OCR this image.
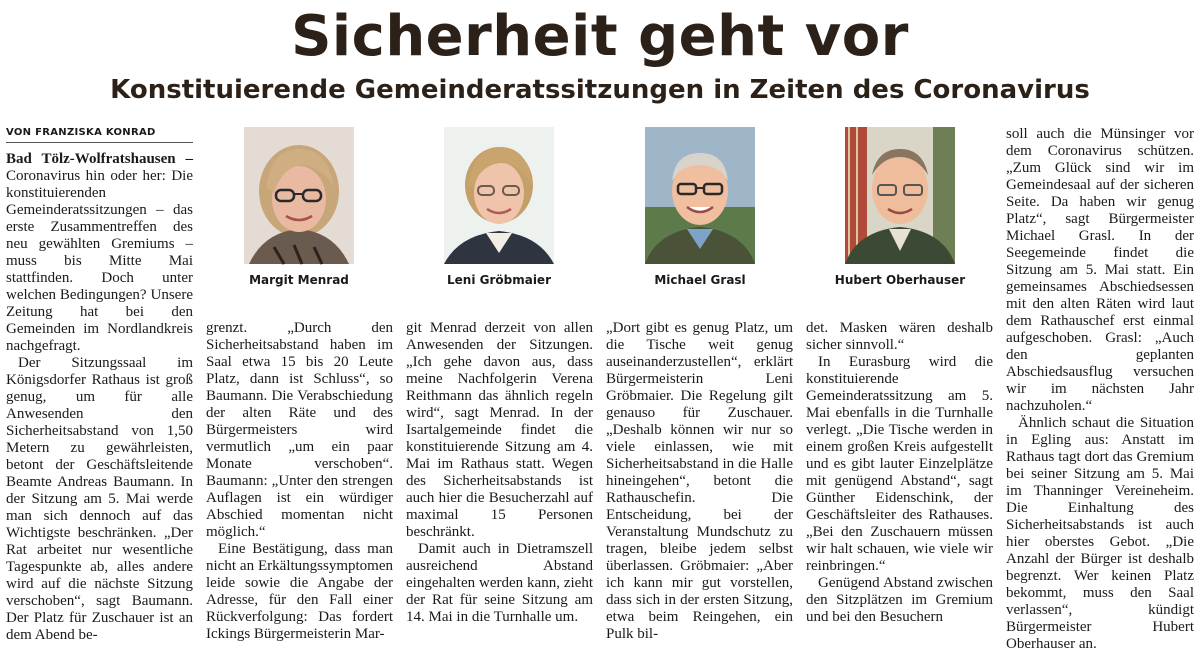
Sicherheit geht vor
Konstituierende Gemeinderatssitzungen in Zeiten des Coronavirus
VON FRANZISKA KONRAD

Bad Tölz-Wolfratshausen – Coronavirus hin oder her: Die konstituierenden Gemeinderatssitzungen – das erste Zusammentreffen des neu gewählten Gremiums – muss bis Mitte Mai stattfinden. Doch unter welchen Bedingungen? Unsere Zeitung hat bei den Gemeinden im Nordlandkreis nachgefragt.

Der Sitzungssaal im Königsdorfer Rathaus ist groß genug, um für alle Anwesenden den Sicherheitsabstand von 1,50 Metern zu gewährleisten, betont der Geschäftsleitende Beamte Andreas Baumann. In der Sitzung am 5. Mai werde man sich dennoch auf das Wichtigste beschränken. „Der Rat arbeitet nur wesentliche Tagespunkte ab, alles andere wird auf die nächste Sitzung verschoben“, sagt Baumann. Der Platz für Zuschauer ist an dem Abend be-

Margit Menrad	Leni Gröbmaier	Michael Grasl	Hubert Oberhauser

grenzt. „Durch den Sicherheitsabstand haben im Saal etwa 15 bis 20 Leute Platz, dann ist Schluss“, so Baumann. Die Verabschiedung der alten Räte und des Bürgermeisters wird vermutlich „um ein paar Monate verschoben“. Baumann: „Unter den strengen Auflagen ist ein würdiger Abschied momentan nicht möglich.“

Eine Bestätigung, dass man nicht an Erkältungssymptomen leide sowie die Angabe der Adresse, für den Fall einer Rückverfolgung: Das fordert Ickings Bürgermeisterin Mar-

git Menrad derzeit von allen Anwesenden der Sitzungen. „Ich gehe davon aus, dass meine Nachfolgerin Verena Reithmann das ähnlich regeln wird“, sagt Menrad. In der Isartalgemeinde findet die konstituierende Sitzung am 4. Mai im Rathaus statt. Wegen des Sicherheitsabstands ist auch hier die Besucherzahl auf maximal 15 Personen beschränkt.

Damit auch in Dietramszell ausreichend Abstand eingehalten werden kann, zieht der Rat für seine Sitzung am 14. Mai in die Turnhalle um.

„Dort gibt es genug Platz, um die Tische weit genug auseinanderzustellen“, erklärt Bürgermeisterin Leni Gröbmaier. Die Regelung gilt genauso für Zuschauer. „Deshalb können wir nur so viele einlassen, wie mit Sicherheitsabstand in die Halle hineingehen“, betont die Rathauschefin. Die Entscheidung, bei der Veranstaltung Mundschutz zu tragen, bleibe jedem selbst überlassen. Gröbmaier: „Aber ich kann mir gut vorstellen, dass sich in der ersten Sitzung, etwa beim Reingehen, ein Pulk bil-

det. Masken wären deshalb sicher sinnvoll.“

In Eurasburg wird die konstituierende Gemeinderatssitzung am 5. Mai ebenfalls in die Turnhalle verlegt. „Die Tische werden in einem großen Kreis aufgestellt und es gibt lauter Einzelplätze mit genügend Abstand“, sagt Günther Eidenschink, der Geschäftsleiter des Rathauses. „Bei den Zuschauern müssen wir halt schauen, wie viele wir reinbringen.“

Genügend Abstand zwischen den Sitzplätzen im Gremium und bei den Besuchern

soll auch die Münsinger vor dem Coronavirus schützen. „Zum Glück sind wir im Gemeindesaal auf der sicheren Seite. Da haben wir genug Platz“, sagt Bürgermeister Michael Grasl. In der Seegemeinde findet die Sitzung am 5. Mai statt. Ein gemeinsames Abschiedsessen mit den alten Räten wird laut dem Rathauschef erst einmal aufgeschoben. Grasl: „Auch den geplanten Abschiedsausflug versuchen wir im nächsten Jahr nachzuholen.“

Ähnlich schaut die Situation in Egling aus: Anstatt im Rathaus tagt dort das Gremium bei seiner Sitzung am 5. Mai im Thanninger Vereineheim. Die Einhaltung des Sicherheitsabstands ist auch hier oberstes Gebot. „Die Anzahl der Bürger ist deshalb begrenzt. Wer keinen Platz bekommt, muss den Saal verlassen“, kündigt Bürgermeister Hubert Oberhauser an.
